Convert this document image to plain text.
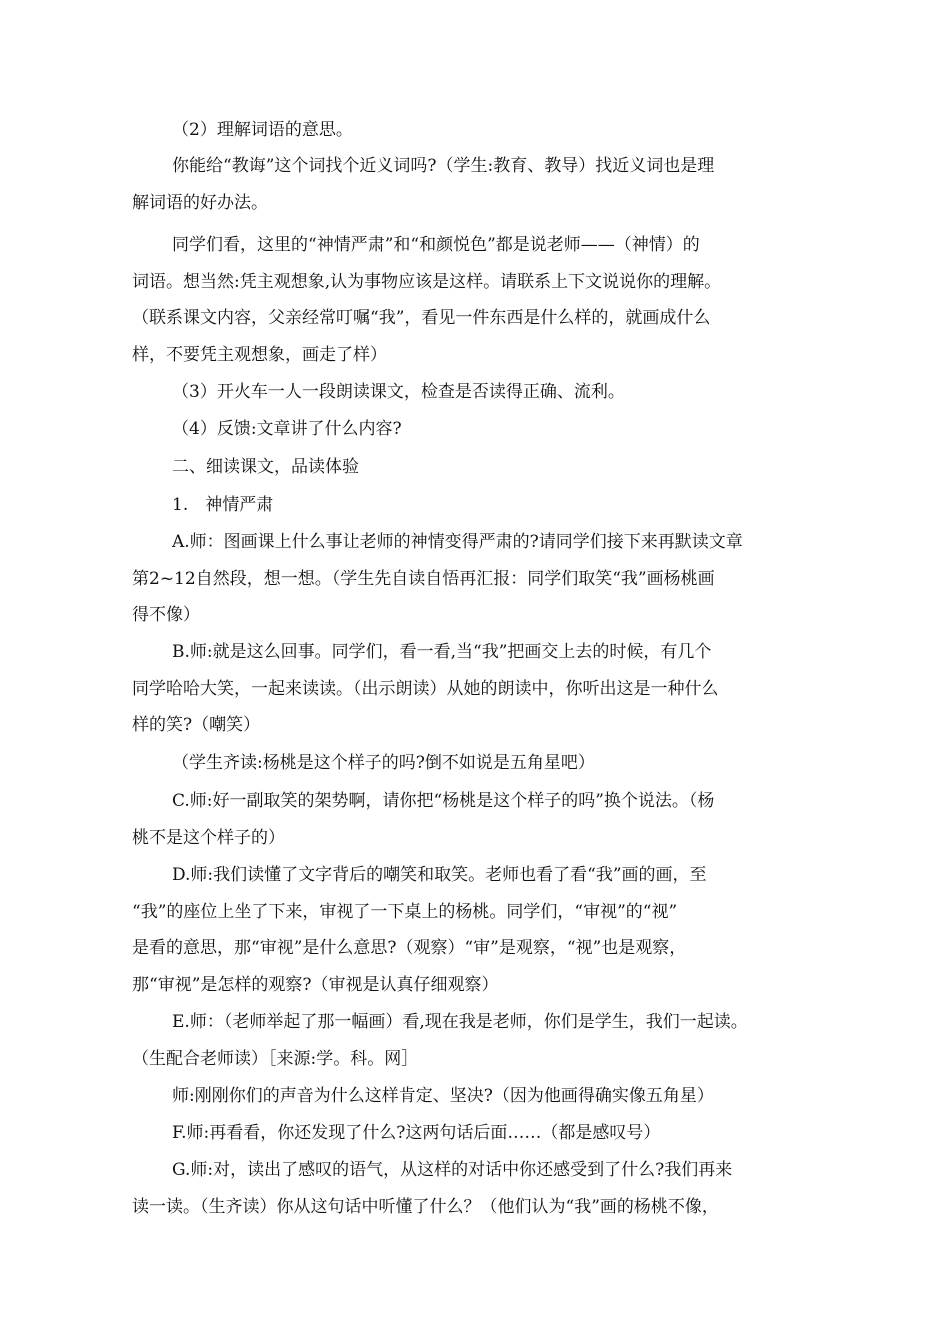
（2）理解词语的意思。

你能给“教诲”这个词找个近义词吗?（学生:教育、教导）找近义词也是理

解词语的好办法。

同学们看，这里的“神情严肃”和“和颜悦色”都是说老师——（神情）的

词语。想当然:凭主观想象,认为事物应该是这样。请联系上下文说说你的理解。

（联系课文内容，父亲经常叮嘱“我”，看见一件东西是什么样的，就画成什么

样，不要凭主观想象，画走了样）

（3）开火车一人一段朗读课文，检查是否读得正确、流利。

（4）反馈:文章讲了什么内容?

二、细读课文，品读体验

1.　神情严肃

A.师：图画课上什么事让老师的神情变得严肃的?请同学们接下来再默读文章

第2~12自然段，想一想。（学生先自读自悟再汇报：同学们取笑“我”画杨桃画

得不像）

B.师:就是这么回事。同学们，看一看,当“我”把画交上去的时候，有几个

同学哈哈大笑，一起来读读。（出示朗读）从她的朗读中，你听出这是一种什么

样的笑?（嘲笑）

（学生齐读:杨桃是这个样子的吗?倒不如说是五角星吧）

C.师:好一副取笑的架势啊，请你把“杨桃是这个样子的吗”换个说法。（杨

桃不是这个样子的）

D.师:我们读懂了文字背后的嘲笑和取笑。老师也看了看“我”画的画，至

“我”的座位上坐了下来，审视了一下桌上的杨桃。同学们，“审视”的“视”

是看的意思，那“审视”是什么意思?（观察）“审”是观察，“视”也是观察，

那“审视”是怎样的观察?（审视是认真仔细观察）

E.师：（老师举起了那一幅画）看,现在我是老师，你们是学生，我们一起读。

（生配合老师读）［来源:学。科。网］

师:刚刚你们的声音为什么这样肯定、坚决?（因为他画得确实像五角星）

F.师:再看看，你还发现了什么?这两句话后面……（都是感叹号）

G.师:对，读出了感叹的语气，从这样的对话中你还感受到了什么?我们再来

读一读。（生齐读）你从这句话中听懂了什么？（他们认为“我”画的杨桃不像，
